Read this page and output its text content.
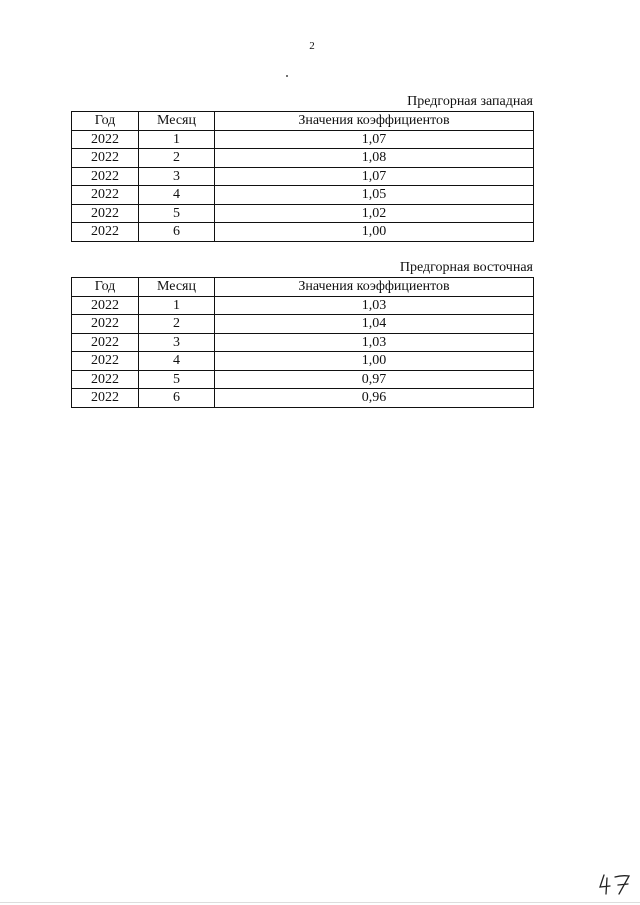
2
Предгорная западная
Год	Месяц	Значения коэффициентов
2022	1	1,07
2022	2	1,08
2022	3	1,07
2022	4	1,05
2022	5	1,02
2022	6	1,00
Предгорная восточная
Год	Месяц	Значения коэффициентов
2022	1	1,03
2022	2	1,04
2022	3	1,03
2022	4	1,00
2022	5	0,97
2022	6	0,96
